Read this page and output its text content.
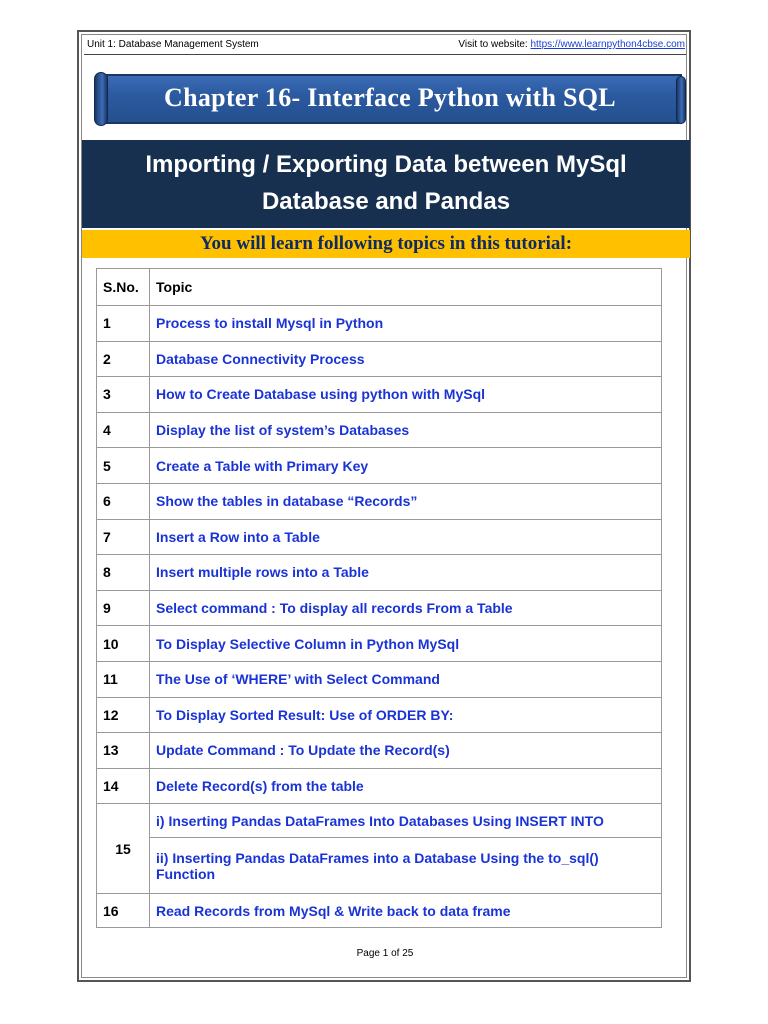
Unit 1: Database Management System	Visit to website: https://www.learnpython4cbse.com
Chapter 16- Interface Python with SQL
Importing / Exporting Data between MySql
Database and Pandas
You will learn following topics in this tutorial:
S.No.	Topic
1	Process to install Mysql in Python
2	Database Connectivity Process
3	How to Create Database using python with MySql
4	Display the list of system’s Databases
5	Create a Table with Primary Key
6	Show the tables in database “Records”
7	Insert a Row into a Table
8	Insert multiple rows into a Table
9	Select command : To display all records From a Table
10	To Display Selective Column in Python MySql
11	The Use of ‘WHERE’ with Select Command
12	To Display Sorted Result: Use of ORDER BY:
13	Update Command : To Update the Record(s)
14	Delete Record(s) from the table
15	i) Inserting Pandas DataFrames Into Databases Using INSERT INTO
	ii) Inserting Pandas DataFrames into a Database Using the to_sql() Function
16	Read Records from MySql & Write back to data frame
Page 1 of 25
